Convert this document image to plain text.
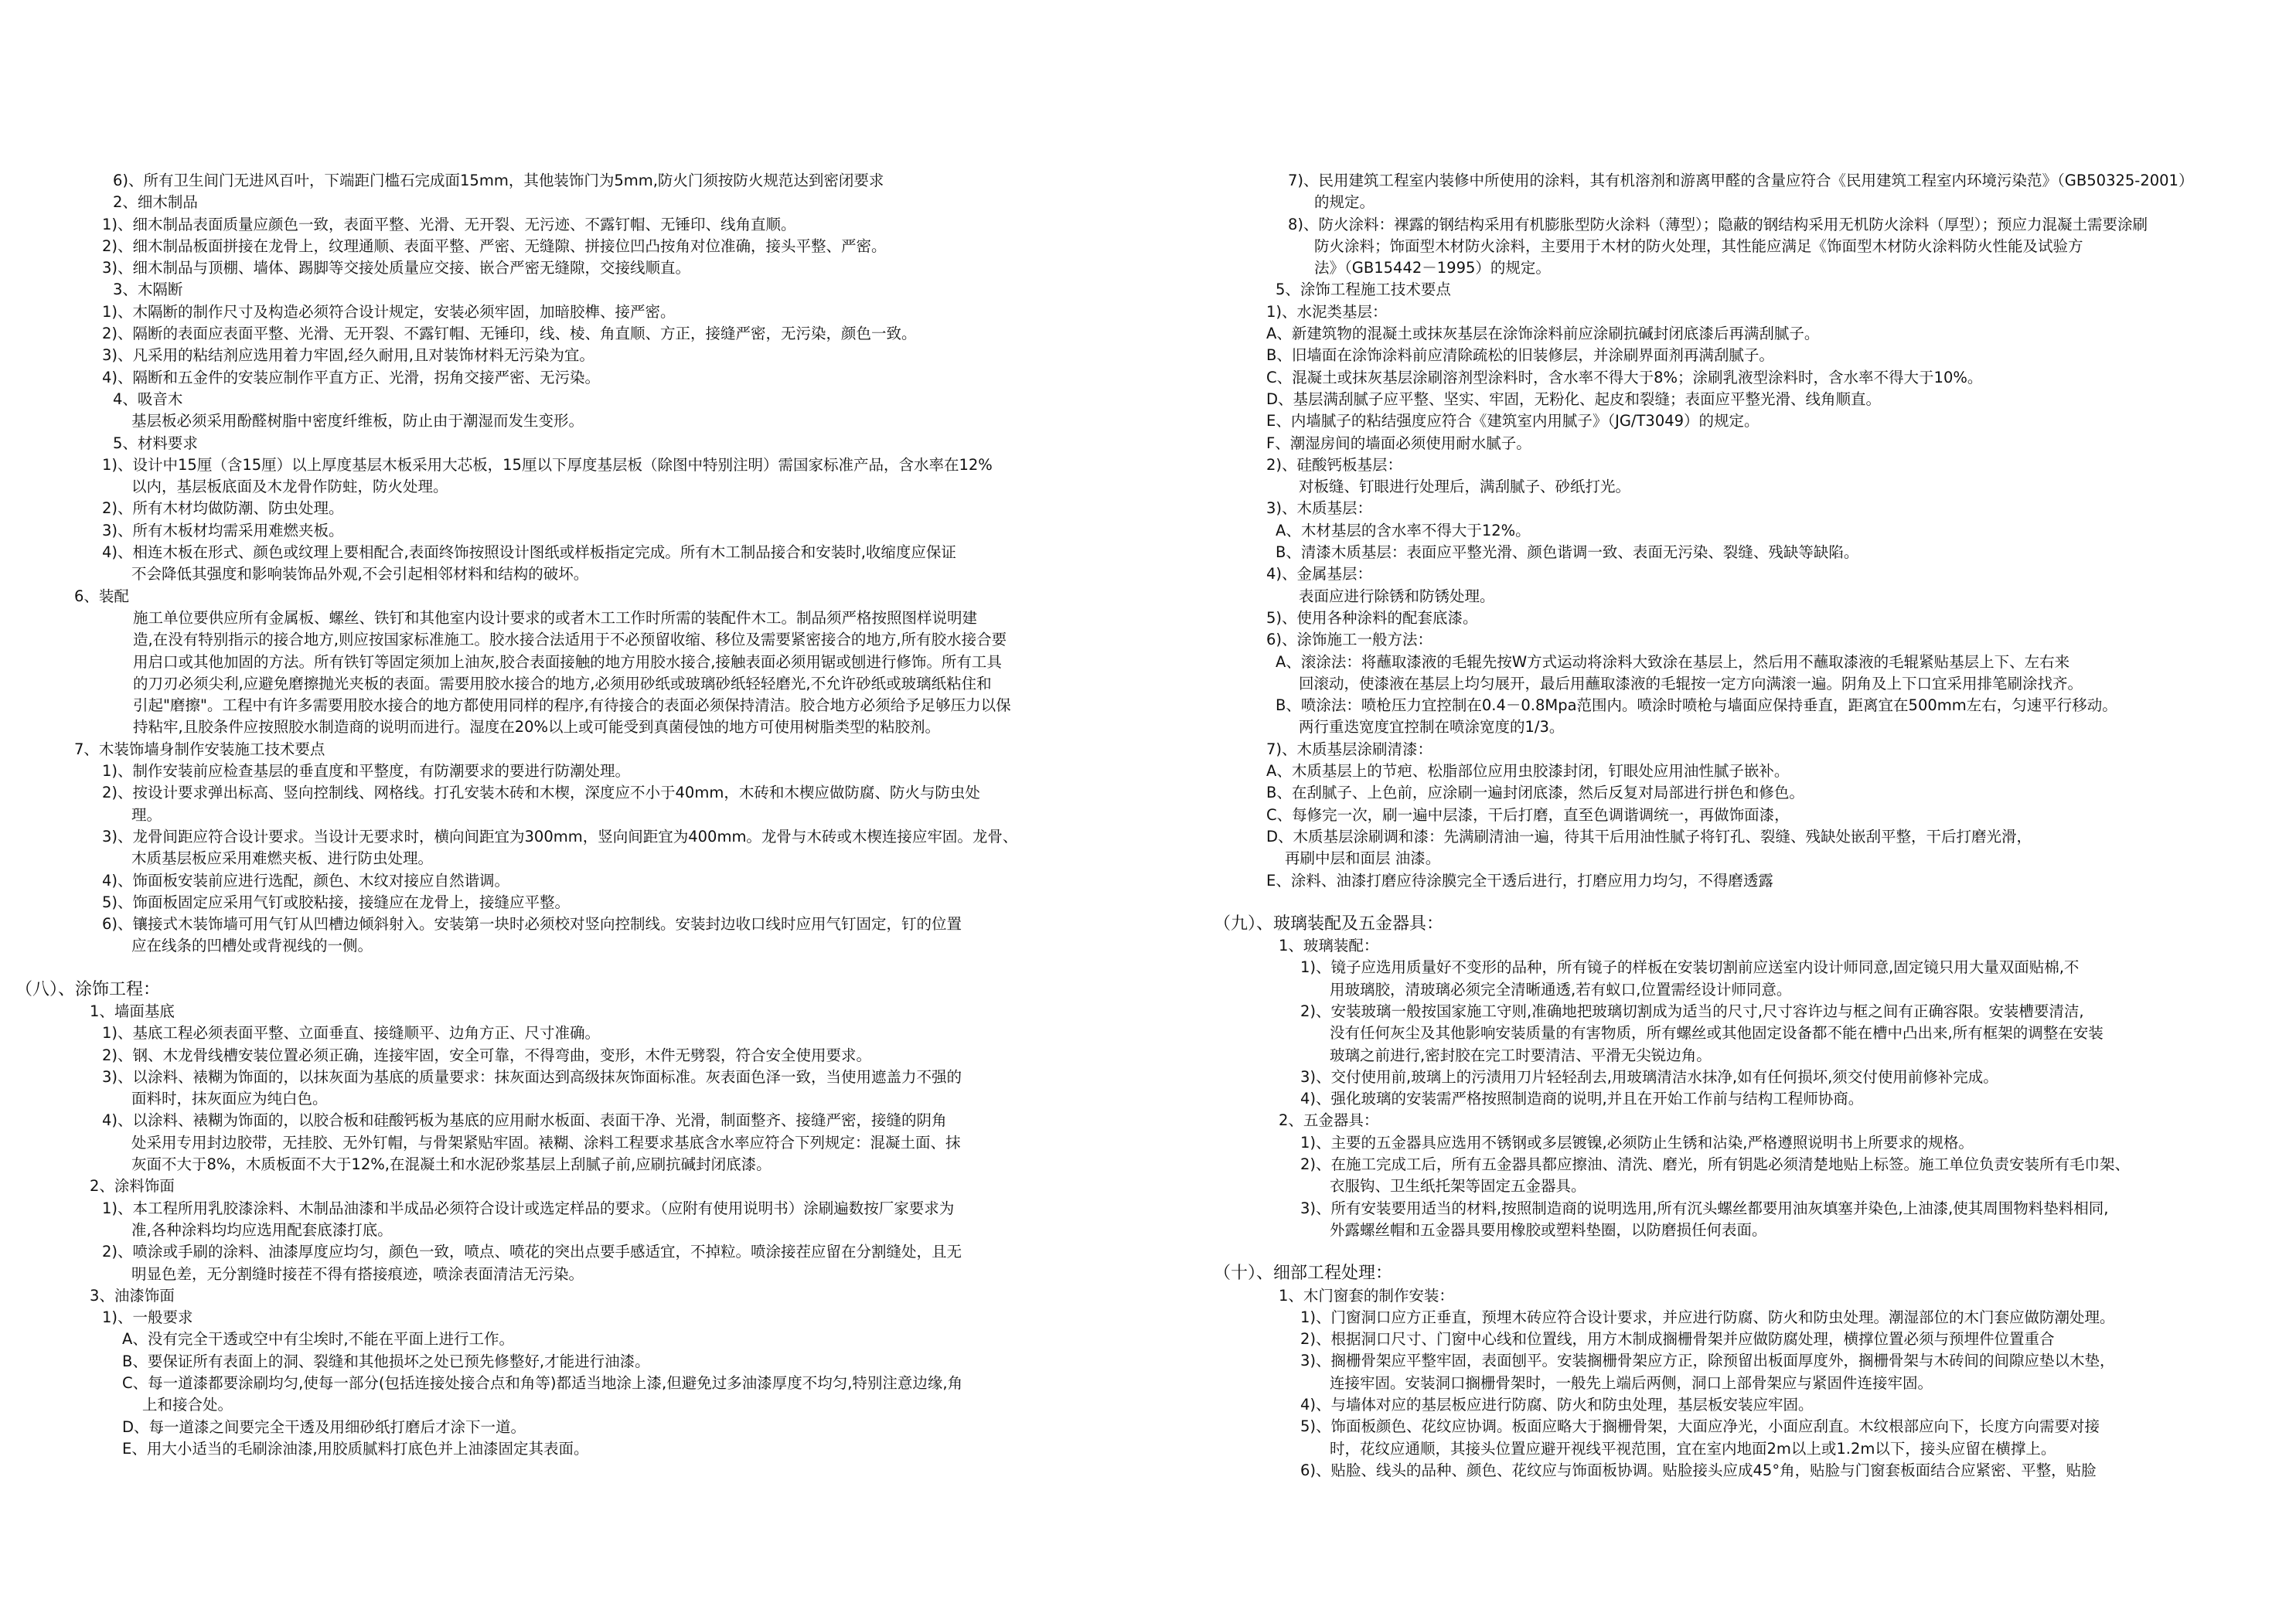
6)、所有卫生间门无进风百叶，下端距门槛石完成面15mm，其他装饰门为5mm,防火门须按防火规范达到密闭要求
2、细木制品
1)、细木制品表面质量应颜色一致，表面平整、光滑、无开裂、无污迹、不露钉帽、无锤印、线角直顺。
2)、细木制品板面拼接在龙骨上，纹理通顺、表面平整、严密、无缝隙、拼接位凹凸按角对位准确，接头平整、严密。
3)、细木制品与顶棚、墙体、踢脚等交接处质量应交接、嵌合严密无缝隙，交接线顺直。
3、木隔断
1)、木隔断的制作尺寸及构造必须符合设计规定，安装必须牢固，加暗胶榫、接严密。
2)、隔断的表面应表面平整、光滑、无开裂、不露钉帽、无锤印，线、棱、角直顺、方正，接缝严密，无污染，颜色一致。
3)、凡采用的粘结剂应选用着力牢固,经久耐用,且对装饰材料无污染为宜。
4)、隔断和五金件的安装应制作平直方正、光滑，拐角交接严密、无污染。
4、吸音木
基层板必须采用酚醛树脂中密度纤维板，防止由于潮湿而发生变形。
5、材料要求
1)、设计中15厘（含15厘）以上厚度基层木板采用大芯板，15厘以下厚度基层板（除图中特别注明）需国家标准产品，含水率在12%
以内，基层板底面及木龙骨作防蛀，防火处理。
2)、所有木材均做防潮、防虫处理。
3)、所有木板材均需采用难燃夹板。
4)、相连木板在形式、颜色或纹理上要相配合,表面终饰按照设计图纸或样板指定完成。所有木工制品接合和安装时,收缩度应保证
不会降低其强度和影响装饰品外观,不会引起相邻材料和结构的破坏。
6、装配
施工单位要供应所有金属板、螺丝、铁钉和其他室内设计要求的或者木工工作时所需的装配件木工。制品须严格按照图样说明建
造,在没有特别指示的接合地方,则应按国家标准施工。胶水接合法适用于不必预留收缩、移位及需要紧密接合的地方,所有胶水接合要
用启口或其他加固的方法。所有铁钉等固定须加上油灰,胶合表面接触的地方用胶水接合,接触表面必须用锯或刨进行修饰。所有工具
的刀刃必须尖利,应避免磨擦抛光夹板的表面。需要用胶水接合的地方,必须用砂纸或玻璃砂纸轻轻磨光,不允许砂纸或玻璃纸粘住和
引起"磨擦"。工程中有许多需要用胶水接合的地方都使用同样的程序,有待接合的表面必须保持清洁。胶合地方必须给予足够压力以保
持粘牢,且胶条件应按照胶水制造商的说明而进行。湿度在20%以上或可能受到真菌侵蚀的地方可使用树脂类型的粘胶剂。
7、木装饰墙身制作安装施工技术要点
1)、制作安装前应检查基层的垂直度和平整度，有防潮要求的要进行防潮处理。
2)、按设计要求弹出标高、竖向控制线、网格线。打孔安装木砖和木楔，深度应不小于40mm，木砖和木楔应做防腐、防火与防虫处
理。
3)、龙骨间距应符合设计要求。当设计无要求时，横向间距宜为300mm，竖向间距宜为400mm。龙骨与木砖或木楔连接应牢固。龙骨、
木质基层板应采用难燃夹板、进行防虫处理。
4)、饰面板安装前应进行选配，颜色、木纹对接应自然谐调。
5)、饰面板固定应采用气钉或胶粘接，接缝应在龙骨上，接缝应平整。
6)、镶接式木装饰墙可用气钉从凹槽边倾斜射入。安装第一块时必须校对竖向控制线。安装封边收口线时应用气钉固定，钉的位置
应在线条的凹槽处或背视线的一侧。
（八）、涂饰工程：
1、墙面基底
1)、基底工程必须表面平整、立面垂直、接缝顺平、边角方正、尺寸准确。
2)、钢、木龙骨线槽安装位置必须正确，连接牢固，安全可靠，不得弯曲，变形，木件无劈裂，符合安全使用要求。
3)、以涂料、裱糊为饰面的，以抹灰面为基底的质量要求：抹灰面达到高级抹灰饰面标准。灰表面色泽一致，当使用遮盖力不强的
面料时，抹灰面应为纯白色。
4)、以涂料、裱糊为饰面的，以胶合板和硅酸钙板为基底的应用耐水板面、表面干净、光滑，制面整齐、接缝严密，接缝的阴角
处采用专用封边胶带，无挂胶、无外钉帽，与骨架紧贴牢固。裱糊、涂料工程要求基底含水率应符合下列规定：混凝土面、抹
灰面不大于8%，木质板面不大于12%,在混凝土和水泥砂浆基层上刮腻子前,应刷抗碱封闭底漆。
2、涂料饰面
1)、本工程所用乳胶漆涂料、木制品油漆和半成品必须符合设计或选定样品的要求。（应附有使用说明书）涂刷遍数按厂家要求为
准,各种涂料均均应选用配套底漆打底。
2)、喷涂或手刷的涂料、油漆厚度应均匀，颜色一致，喷点、喷花的突出点要手感适宜，不掉粒。喷涂接茬应留在分割缝处，且无
明显色差，无分割缝时接茬不得有搭接痕迹，喷涂表面清洁无污染。
3、油漆饰面
1)、一般要求
A、没有完全干透或空中有尘埃时,不能在平面上进行工作。
B、要保证所有表面上的洞、裂缝和其他损坏之处已预先修整好,才能进行油漆。
C、每一道漆都要涂刷均匀,使每一部分(包括连接处接合点和角等)都适当地涂上漆,但避免过多油漆厚度不均匀,特别注意边缘,角
上和接合处。
D、每一道漆之间要完全干透及用细砂纸打磨后才涂下一道。
E、用大小适当的毛刷涂油漆,用胶质腻料打底色并上油漆固定其表面。
7)、民用建筑工程室内装修中所使用的涂料，其有机溶剂和游离甲醛的含量应符合《民用建筑工程室内环境污染范》（GB50325-2001）
的规定。
8)、防火涂料：裸露的钢结构采用有机膨胀型防火涂料（薄型）；隐蔽的钢结构采用无机防火涂料（厚型）；预应力混凝土需要涂刷
防火涂料；饰面型木材防火涂料，主要用于木材的防火处理，其性能应满足《饰面型木材防火涂料防火性能及试验方
法》（GB15442－1995）的规定。
5、涂饰工程施工技术要点
1)、水泥类基层：
A、新建筑物的混凝土或抹灰基层在涂饰涂料前应涂刷抗碱封闭底漆后再满刮腻子。
B、旧墙面在涂饰涂料前应清除疏松的旧装修层，并涂刷界面剂再满刮腻子。
C、混凝土或抹灰基层涂刷溶剂型涂料时，含水率不得大于8%；涂刷乳液型涂料时，含水率不得大于10%。
D、基层满刮腻子应平整、坚实、牢固，无粉化、起皮和裂缝；表面应平整光滑、线角顺直。
E、内墙腻子的粘结强度应符合《建筑室内用腻子》（JG/T3049）的规定。
F、潮湿房间的墙面必须使用耐水腻子。
2)、硅酸钙板基层：
对板缝、钉眼进行处理后，满刮腻子、砂纸打光。
3)、木质基层：
A、木材基层的含水率不得大于12%。
B、清漆木质基层：表面应平整光滑、颜色谐调一致、表面无污染、裂缝、残缺等缺陷。
4)、金属基层：
表面应进行除锈和防锈处理。
5)、使用各种涂料的配套底漆。
6)、涂饰施工一般方法：
A、滚涂法：将蘸取漆液的毛辊先按W方式运动将涂料大致涂在基层上，然后用不蘸取漆液的毛辊紧贴基层上下、左右来
回滚动，使漆液在基层上均匀展开，最后用蘸取漆液的毛辊按一定方向满滚一遍。阴角及上下口宜采用排笔刷涂找齐。
B、喷涂法：喷枪压力宜控制在0.4－0.8Mpa范围内。喷涂时喷枪与墙面应保持垂直，距离宜在500mm左右，匀速平行移动。
两行重迭宽度宜控制在喷涂宽度的1/3。
7)、木质基层涂刷清漆：
A、木质基层上的节疤、松脂部位应用虫胶漆封闭，钉眼处应用油性腻子嵌补。
B、在刮腻子、上色前，应涂刷一遍封闭底漆，然后反复对局部进行拼色和修色。
C、每修完一次，刷一遍中层漆，干后打磨，直至色调谐调统一，再做饰面漆，
D、木质基层涂刷调和漆：先满刷清油一遍，待其干后用油性腻子将钉孔、裂缝、残缺处嵌刮平整，干后打磨光滑，
再刷中层和面层 油漆。
E、涂料、油漆打磨应待涂膜完全干透后进行，打磨应用力均匀，不得磨透露
（九）、玻璃装配及五金器具：
1、玻璃装配：
1)、镜子应选用质量好不变形的品种，所有镜子的样板在安装切割前应送室内设计师同意,固定镜只用大量双面贴棉,不
用玻璃胶，清玻璃必须完全清晰通透,若有蚁口,位置需经设计师同意。
2)、安装玻璃一般按国家施工守则,准确地把玻璃切割成为适当的尺寸,尺寸容许边与框之间有正确容限。安装槽要清洁,
没有任何灰尘及其他影响安装质量的有害物质，所有螺丝或其他固定设备都不能在槽中凸出来,所有框架的调整在安装
玻璃之前进行,密封胶在完工时要清洁、平滑无尖锐边角。
3)、交付使用前,玻璃上的污渍用刀片轻轻刮去,用玻璃清洁水抹净,如有任何损坏,须交付使用前修补完成。
4)、强化玻璃的安装需严格按照制造商的说明,并且在开始工作前与结构工程师协商。
2、五金器具：
1)、主要的五金器具应选用不锈钢或多层镀镍,必须防止生锈和沾染,严格遵照说明书上所要求的规格。
2)、在施工完成工后，所有五金器具都应擦油、清洗、磨光，所有钥匙必须清楚地贴上标签。施工单位负责安装所有毛巾架、
衣服钩、卫生纸托架等固定五金器具。
3)、所有安装要用适当的材料,按照制造商的说明选用,所有沉头螺丝都要用油灰填塞并染色,上油漆,使其周围物料垫料相同,
外露螺丝帽和五金器具要用橡胶或塑料垫圈，以防磨损任何表面。
（十）、细部工程处理：
1、木门窗套的制作安装：
1)、门窗洞口应方正垂直，预埋木砖应符合设计要求，并应进行防腐、防火和防虫处理。潮湿部位的木门套应做防潮处理。
2)、根据洞口尺寸、门窗中心线和位置线，用方木制成搁栅骨架并应做防腐处理，横撑位置必须与预埋件位置重合
3)、搁栅骨架应平整牢固，表面刨平。安装搁栅骨架应方正，除预留出板面厚度外，搁栅骨架与木砖间的间隙应垫以木垫，
连接牢固。安装洞口搁栅骨架时，一般先上端后两侧，洞口上部骨架应与紧固件连接牢固。
4)、与墙体对应的基层板应进行防腐、防火和防虫处理，基层板安装应牢固。
5)、饰面板颜色、花纹应协调。板面应略大于搁栅骨架，大面应净光，小面应刮直。木纹根部应向下，长度方向需要对接
时，花纹应通顺，其接头位置应避开视线平视范围，宜在室内地面2m以上或1.2m以下，接头应留在横撑上。
6)、贴脸、线头的品种、颜色、花纹应与饰面板协调。贴脸接头应成45°角，贴脸与门窗套板面结合应紧密、平整，贴脸
